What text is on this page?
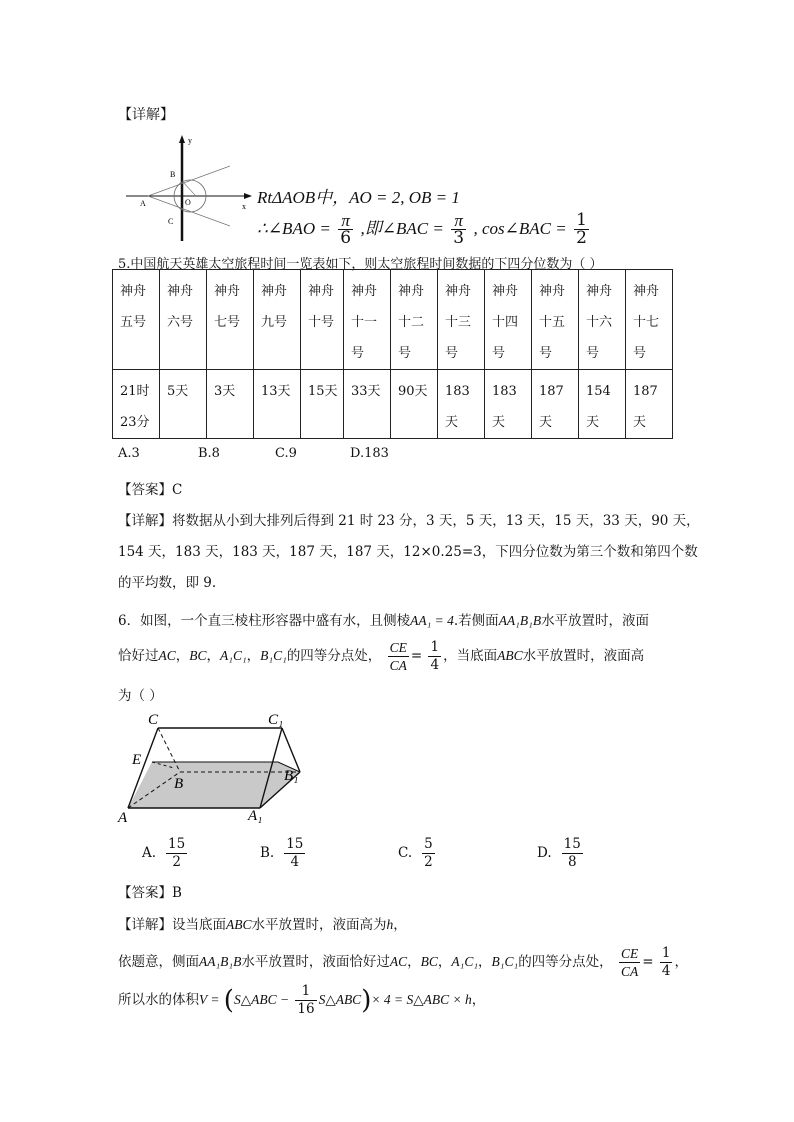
【详解】
y
x
B
O
A
C
RtΔAOB中，AO = 2, OB = 1
∴∠BAO = $\frac{\pi}{6}$ ,即∠BAC = $\frac{\pi}{3}$ , cos∠BAC = $\frac{1}{2}$
5.中国航天英雄太空旅程时间一览表如下，则太空旅程时间数据的下四分位数为（ ）
神舟五号	神舟六号	神舟七号	神舟九号	神舟十号	神舟十一号	神舟十二号	神舟十三号	神舟十四号	神舟十五号	神舟十六号	神舟十七号
21时23分	5天	3天	13天	15天	33天	90天	183天	183天	187天	154天	187天
A.3	B.8	C.9	D.183
【答案】C
【详解】将数据从小到大排列后得到 21 时 23 分，3 天，5 天，13 天，15 天，33 天，90 天，
154 天，183 天，183 天，187 天，187 天，12×0.25=3，下四分位数为第三个数和第四个数
的平均数，即 9.
6．如图，一个直三棱柱形容器中盛有水，且侧棱AA₁ = 4.若侧面AA₁B₁B水平放置时，液面
恰好过AC，BC，A₁C₁，B₁C₁的四等分点处， $\frac{CE}{CA} = \frac{1}{4}$ ，当底面ABC水平放置时，液面高
为（ ）
C	C₁
E
B	B₁
A	A₁
A. $\frac{15}{2}$	B. $\frac{15}{4}$	C. $\frac{5}{2}$	D. $\frac{15}{8}$
【答案】B
【详解】设当底面ABC水平放置时，液面高为h，
依题意，侧面AA₁B₁B水平放置时，液面恰好过AC，BC，A₁C₁，B₁C₁的四等分点处， $\frac{CE}{CA} = \frac{1}{4}$ ，
所以水的体积V = (S△ABC − $\frac{1}{16}$ S△ABC)× 4 = S△ABC × h，
